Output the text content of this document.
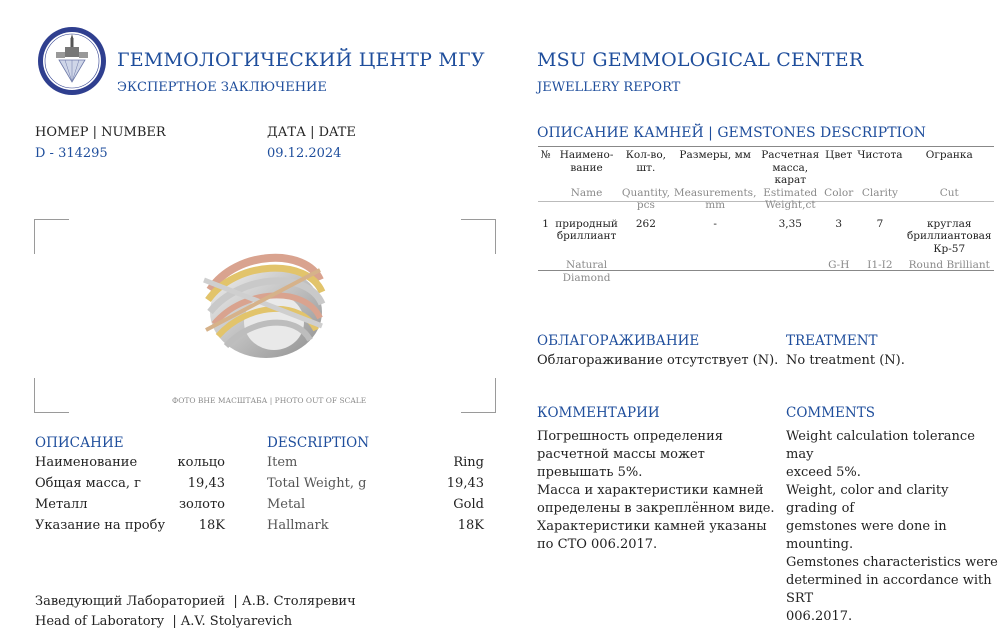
ГЕММОЛОГИЧЕСКИЙ ЦЕНТР МГУ
ЭКСПЕРТНОЕ ЗАКЛЮЧЕНИЕ
MSU GEMMOLOGICAL CENTER
JEWELLERY REPORT
НОМЕР | NUMBER
D - 314295
ДАТА | DATE
09.12.2024
ФОТО ВНЕ МАСШТАБА | PHOTO OUT OF SCALE
ОПИСАНИЕ
Наименование	кольцо
Общая масса, г	19,43
Металл	золото
Указание на пробу	18K
DESCRIPTION
Item	Ring
Total Weight, g	19,43
Metal	Gold
Hallmark	18K
ОПИСАНИЕ КАМНЕЙ | GEMSTONES DESCRIPTION
№	Наимено-вание	Кол-во, шт.	Размеры, мм	Расчетная масса, карат	Цвет	Чистота	Огранка
	Name	Quantity, pcs	Measurements, mm	Estimated Weight,ct	Color	Clarity	Cut

1	природный бриллиант	262	-	3,35	3	7	круглая бриллиантовая Кр-57

	Natural Diamond				G-H	I1-I2	Round Brilliant
ОБЛАГОРАЖИВАНИЕ
Облагораживание отсутствует (N).
TREATMENT
No treatment (N).
КОММЕНТАРИИ
Погрешность определения
расчетной массы может
превышать 5%.
Масса и характеристики камней
определены в закреплённом виде.
Характеристики камней указаны
по СТО 006.2017.
COMMENTS
Weight calculation tolerance may
exceed 5%.
Weight, color and clarity grading of
gemstones were done in mounting.
Gemstones characteristics were
determined in accordance with SRT
006.2017.
Заведующий Лабораторией  | А.В. Столяревич
Head of Laboratory  | A.V. Stolyarevich
